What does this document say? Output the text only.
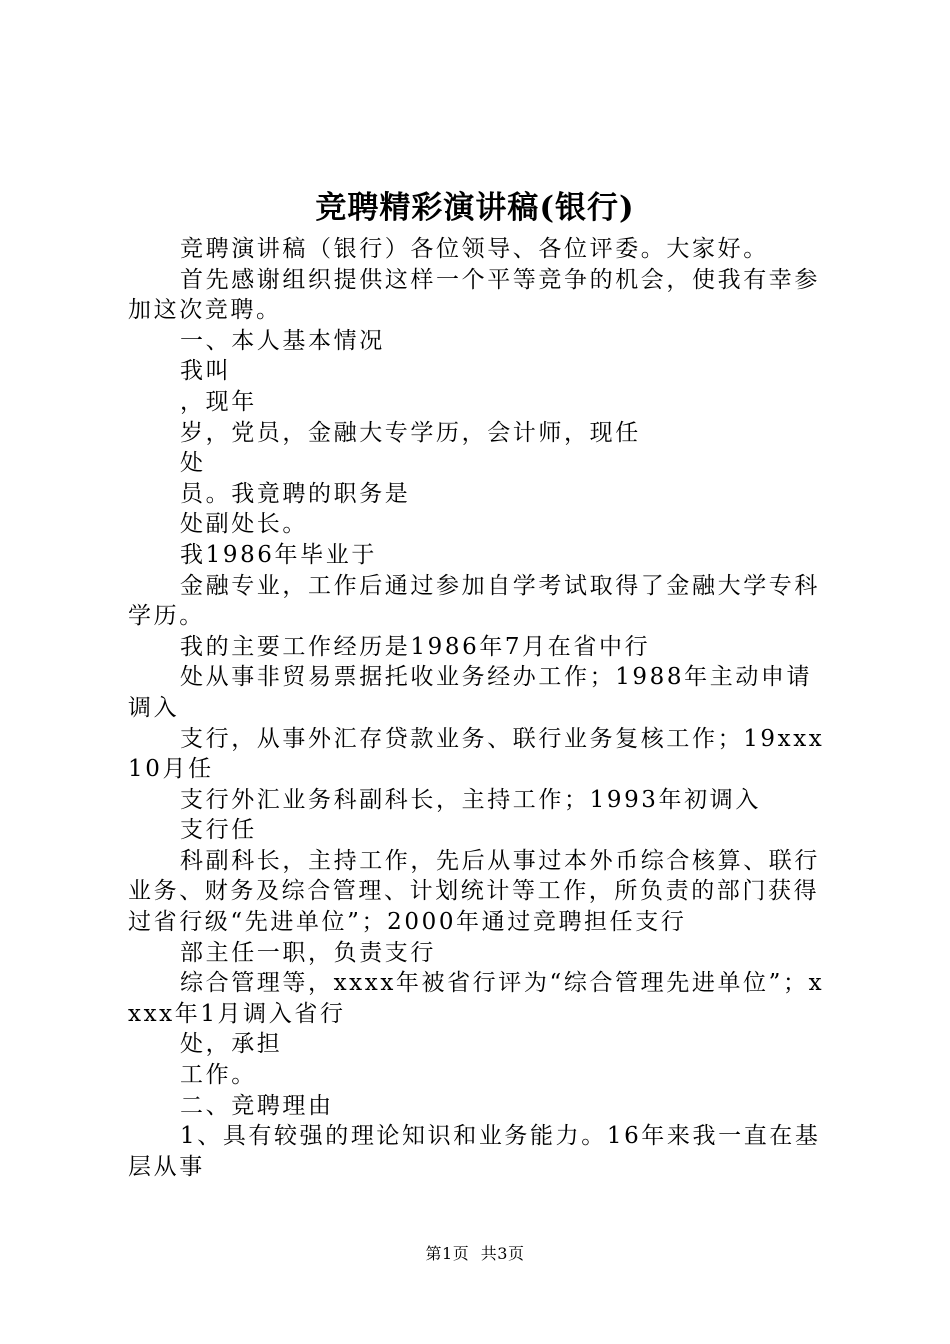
竞聘精彩演讲稿(银行)

竞聘演讲稿（银行）各位领导、各位评委。大家好。

首先感谢组织提供这样一个平等竞争的机会，使我有幸参加这次竞聘。

一、本人基本情况

我叫

，现年

岁，党员，金融大专学历，会计师，现任

处

员。我竟聘的职务是

处副处长。

我1986年毕业于

金融专业，工作后通过参加自学考试取得了金融大学专科学历。

我的主要工作经历是1986年7月在省中行

处从事非贸易票据托收业务经办工作；1988年主动申请调入

支行，从事外汇存贷款业务、联行业务复核工作；19xxx10月任

支行外汇业务科副科长，主持工作；1993年初调入

支行任

科副科长，主持工作，先后从事过本外币综合核算、联行业务、财务及综合管理、计划统计等工作，所负责的部门获得过省行级“先进单位”；2000年通过竞聘担任支行

部主任一职，负责支行

综合管理等，xxxx年被省行评为“综合管理先进单位”；xxxx年1月调入省行

处，承担

工作。

二、竞聘理由

1、具有较强的理论知识和业务能力。16年来我一直在基层从事

第1页 共3页
